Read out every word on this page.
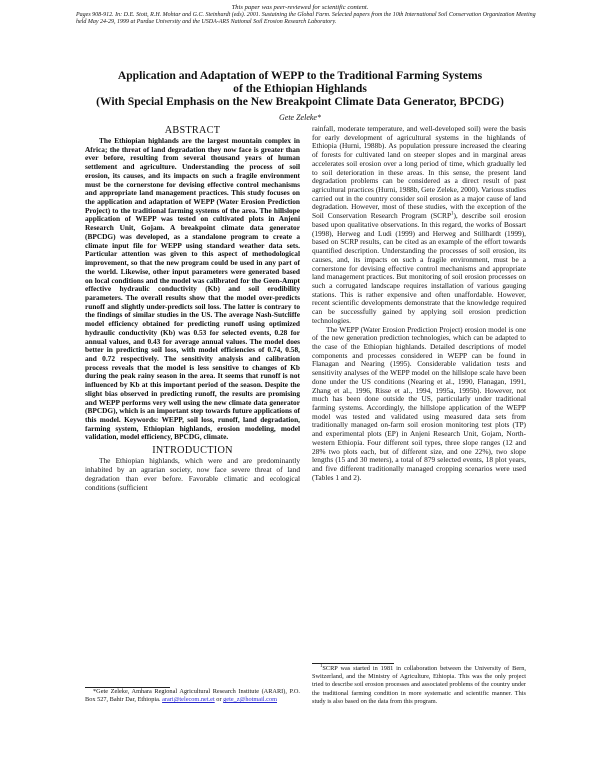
This paper was peer-reviewed for scientific content.
Pages 908-912. In: D.E. Stott, R.H. Mohtar and G.C. Steinhardt (eds). 2001. Sustaining the Global Farm. Selected papers from the 10th International Soil Conservation Organization Meeting held May 24-29, 1999 at Purdue University and the USDA-ARS National Soil Erosion Research Laboratory.
Application and Adaptation of WEPP to the Traditional Farming Systems
of the Ethiopian Highlands
(With Special Emphasis on the New Breakpoint Climate Data Generator, BPCDG)
Gete Zeleke*
ABSTRACT

The Ethiopian highlands are the largest mountain complex in Africa; the threat of land degradation they now face is greater than ever before, resulting from several thousand years of human settlement and agriculture. Understanding the process of soil erosion, its causes, and its impacts on such a fragile environment must be the cornerstone for devising effective control mechanisms and appropriate land management practices. This study focuses on the application and adaptation of WEPP (Water Erosion Prediction Project) to the traditional farming systems of the area. The hillslope application of WEPP was tested on cultivated plots in Anjeni Research Unit, Gojam. A breakpoint climate data generator (BPCDG) was developed, as a standalone program to create a climate input file for WEPP using standard weather data sets. Particular attention was given to this aspect of methodological improvement, so that the new program could be used in any part of the world. Likewise, other input parameters were generated based on local conditions and the model was calibrated for the Geen-Ampt effective hydraulic conductivity (Kb) and soil erodibility parameters. The overall results show that the model over-predicts runoff and slightly under-predicts soil loss. The latter is contrary to the findings of similar studies in the US. The average Nash-Sutcliffe model efficiency obtained for predicting runoff using optimized hydraulic conductivity (Kb) was 0.53 for selected events, 0.28 for annual values, and 0.43 for average annual values. The model does better in predicting soil loss, with model efficiencies of 0.74, 0.58, and 0.72 respectively. The sensitivity analysis and calibration process reveals that the model is less sensitive to changes of Kb during the peak rainy season in the area. It seems that runoff is not influenced by Kb at this important period of the season. Despite the slight bias observed in predicting runoff, the results are promising and WEPP performs very well using the new climate data generator (BPCDG), which is an important step towards future applications of this model. Keywords: WEPP, soil loss, runoff, land degradation, farming system, Ethiopian highlands, erosion modeling, model validation, model efficiency, BPCDG, climate.

INTRODUCTION

The Ethiopian highlands, which were and are predominantly inhabited by an agrarian society, now face severe threat of land degradation than ever before. Favorable climatic and ecological conditions (sufficient

rainfall, moderate temperature, and well-developed soil) were the basis for early development of agricultural systems in the highlands of Ethiopia (Hurni, 1988b). As population pressure increased the clearing of forests for cultivated land on steeper slopes and in marginal areas accelerates soil erosion over a long period of time, which gradually led to soil deterioration in these areas. In this sense, the present land degradation problems can be considered as a direct result of past agricultural practices (Hurni, 1988b, Gete Zeleke, 2000). Various studies carried out in the country consider soil erosion as a major cause of land degradation. However, most of these studies, with the exception of the Soil Conservation Research Program (SCRP$^1$), describe soil erosion based upon qualitative observations. In this regard, the works of Bossart (1998), Herweg and Ludi (1999) and Herweg and Stillhardt (1999), based on SCRP results, can be cited as an example of the effort towards quantified description. Understanding the processes of soil erosion, its causes, and, its impacts on such a fragile environment, must be a cornerstone for devising effective control mechanisms and appropriate land management practices. But monitoring of soil erosion processes on such a corrugated landscape requires installation of various gauging stations. This is rather expensive and often unaffordable. However, recent scientific developments demonstrate that the knowledge required can be successfully gained by applying soil erosion prediction technologies.

The WEPP (Water Erosion Prediction Project) erosion model is one of the new generation prediction technologies, which can be adapted to the case of the Ethiopian highlands. Detailed descriptions of model components and processes considered in WEPP can be found in Flanagan and Nearing (1995). Considerable validation tests and sensitivity analyses of the WEPP model on the hillslope scale have been done under the US conditions (Nearing et al., 1990, Flanagan, 1991, Zhang et al., 1996, Risse et al., 1994, 1995a, 1995b). However, not much has been done outside the US, particularly under traditional farming systems. Accordingly, the hillslope application of the WEPP model was tested and validated using measured data sets from traditionally managed on-farm soil erosion monitoring test plots (TP) and experimental plots (EP) in Anjeni Research Unit, Gojam, North-western Ethiopia. Four different soil types, three slope ranges (12 and 28% two plots each, but of different size, and one 22%), two slope lengths (15 and 30 meters), a total of 879 selected events, 18 plot years, and five different traditionally managed cropping scenarios were used (Tables 1 and 2).

*Gete Zeleke, Amhara Regional Agricultural Research Institute (ARARI), P.O. Box 527, Bahir Dar, Ethiopia. arari@telecom.net.et or gete_z@hotmail.com

$^1$SCRP was started in 1981 in collaboration between the University of Bern, Switzerland, and the Ministry of Agriculture, Ethiopia. This was the only project tried to describe soil erosion processes and associated problems of the country under the traditional farming condition in more systematic and scientific manner. This study is also based on the data from this program.
